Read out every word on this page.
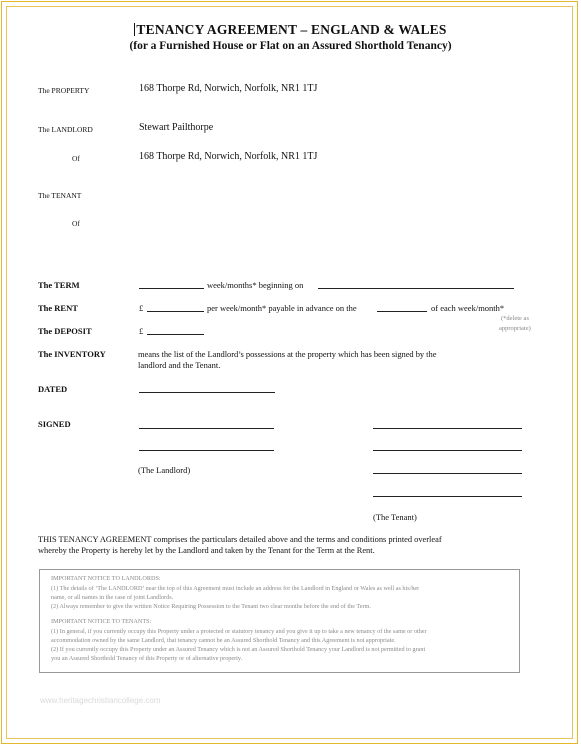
TENANCY AGREEMENT – ENGLAND & WALES
(for a Furnished House or Flat on an Assured Shorthold Tenancy)
The PROPERTY	168 Thorpe Rd, Norwich, Norfolk, NR1 1TJ
The LANDLORD	Stewart Pailthorpe
Of	168 Thorpe Rd, Norwich, Norfolk, NR1 1TJ
The TENANT
Of
The TERM	week/months* beginning on
The RENT	£	per week/month* payable in advance on the	of each week/month*
(*delete as
appropriate)
The DEPOSIT	£
The INVENTORY	means the list of the Landlord’s possessions at the property which has been signed by the
landlord and the Tenant.
DATED
SIGNED
(The Landlord)
(The Tenant)
THIS TENANCY AGREEMENT comprises the particulars detailed above and the terms and conditions printed overleaf
whereby the Property is hereby let by the Landlord and taken by the Tenant for the Term at the Rent.
IMPORTANT NOTICE TO LANDLORDS:
(1) The details of ‘The LANDLORD’ near the top of this Agreement must include an address for the Landlord in England or Wales as well as his/her
name, or all names in the case of joint Landlords.
(2) Always remember to give the written Notice Requiring Possession to the Tenant two clear months before the end of the Term.
IMPORTANT NOTICE TO TENANTS:
(1) In general, if you currently occupy this Property under a protected or statutory tenancy and you give it up to take a new tenancy of the same or other
accommodation owned by the same Landlord, that tenancy cannot be an Assured Shorthold Tenancy and this Agreement is not appropriate.
(2) If you currently occupy this Property under an Assured Tenancy which is not an Assured Shorthold Tenancy your Landlord is not permitted to grant
you an Assured Shorthold Tenancy of this Property or of alternative property.
www.heritagechristiancollege.com
